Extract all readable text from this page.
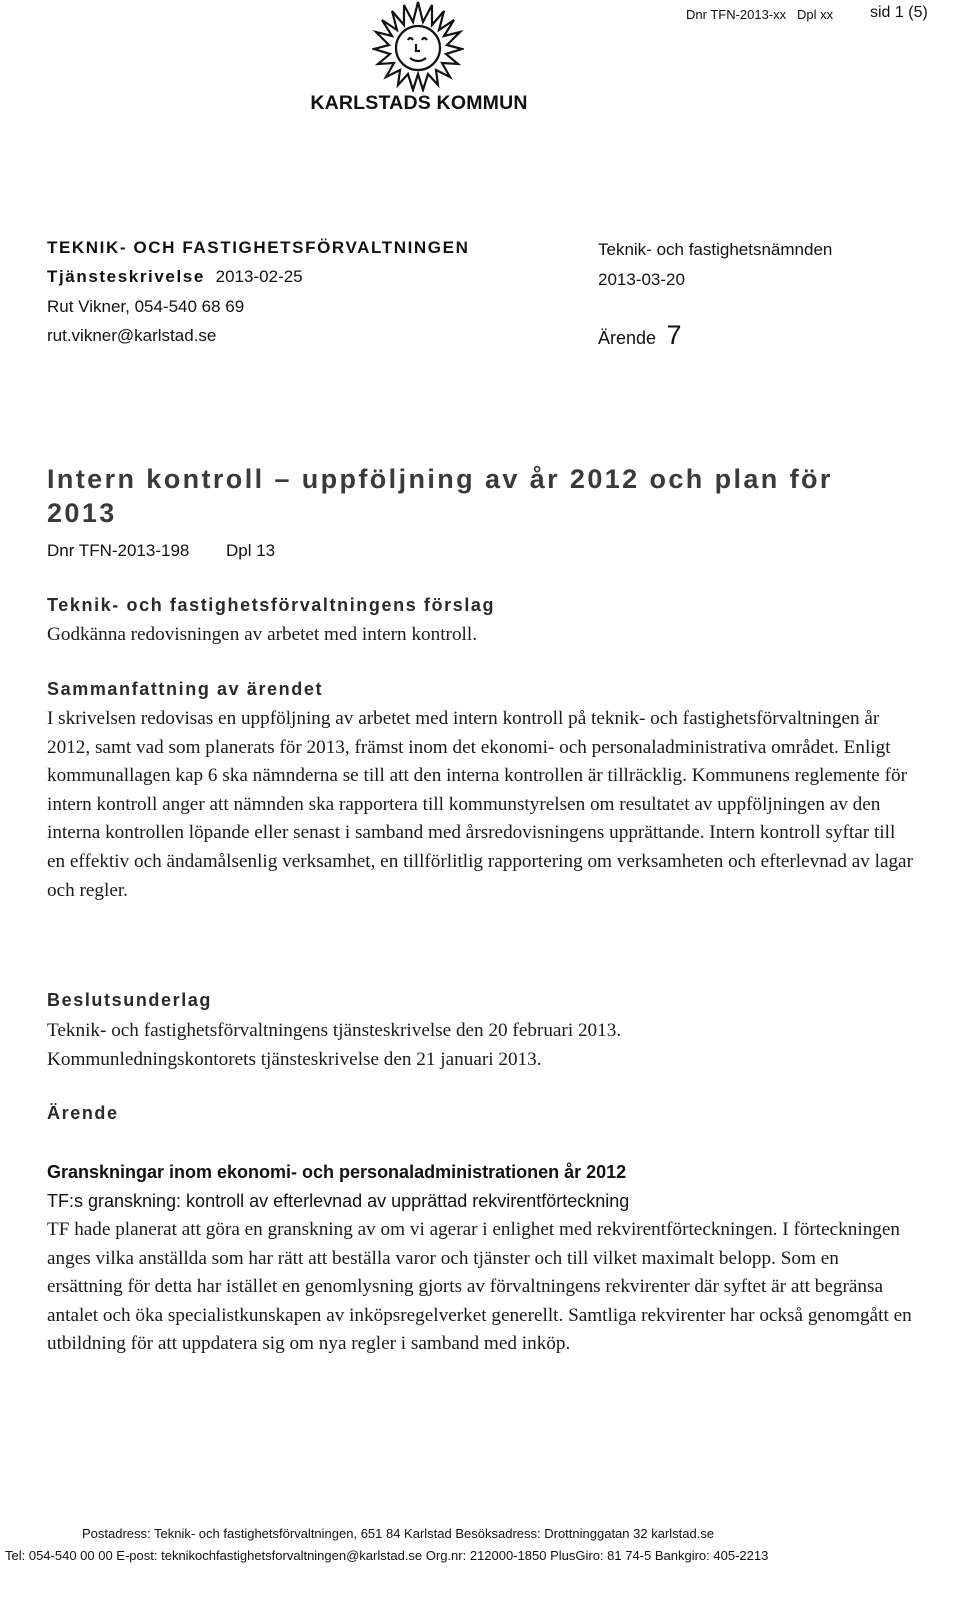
Dnr TFN-2013-xx Dpl xx sid 1 (5)
KARLSTADS KOMMUN
TEKNIK- OCH FASTIGHETSFÖRVALTNINGEN
Tjänsteskrivelse 2013-02-25
Rut Vikner, 054-540 68 69
rut.vikner@karlstad.se
Teknik- och fastighetsnämnden
2013-03-20
Ärende 7
Intern kontroll – uppföljning av år 2012 och plan för 2013
Dnr TFN-2013-198 Dpl 13
Teknik- och fastighetsförvaltningens förslag
Godkänna redovisningen av arbetet med intern kontroll.
Sammanfattning av ärendet
I skrivelsen redovisas en uppföljning av arbetet med intern kontroll på teknik- och fastighetsförvaltningen år 2012, samt vad som planerats för 2013, främst inom det ekonomi- och personaladministrativa området. Enligt kommunallagen kap 6 ska nämnderna se till att den interna kontrollen är tillräcklig. Kommunens reglemente för intern kontroll anger att nämnden ska rapportera till kommunstyrelsen om resultatet av uppföljningen av den interna kontrollen löpande eller senast i samband med årsredovisningens upprättande. Intern kontroll syftar till en effektiv och ändamålsenlig verksamhet, en tillförlitlig rapportering om verksamheten och efterlevnad av lagar och regler.
Beslutsunderlag
Teknik- och fastighetsförvaltningens tjänsteskrivelse den 20 februari 2013.
Kommunledningskontorets tjänsteskrivelse den 21 januari 2013.
Ärende
Granskningar inom ekonomi- och personaladministrationen år 2012
TF:s granskning: kontroll av efterlevnad av upprättad rekvirentförteckning
TF hade planerat att göra en granskning av om vi agerar i enlighet med rekvirentförteckningen. I förteckningen anges vilka anställda som har rätt att beställa varor och tjänster och till vilket maximalt belopp. Som en ersättning för detta har istället en genomlysning gjorts av förvaltningens rekvirenter där syftet är att begränsa antalet och öka specialistkunskapen av inköpsregelverket generellt. Samtliga rekvirenter har också genomgått en utbildning för att uppdatera sig om nya regler i samband med inköp.
Postadress: Teknik- och fastighetsförvaltningen, 651 84 Karlstad Besöksadress: Drottninggatan 32 karlstad.se
Tel: 054-540 00 00 E-post: teknikochfastighetsforvaltningen@karlstad.se Org.nr: 212000-1850 PlusGiro: 81 74-5 Bankgiro: 405-2213
